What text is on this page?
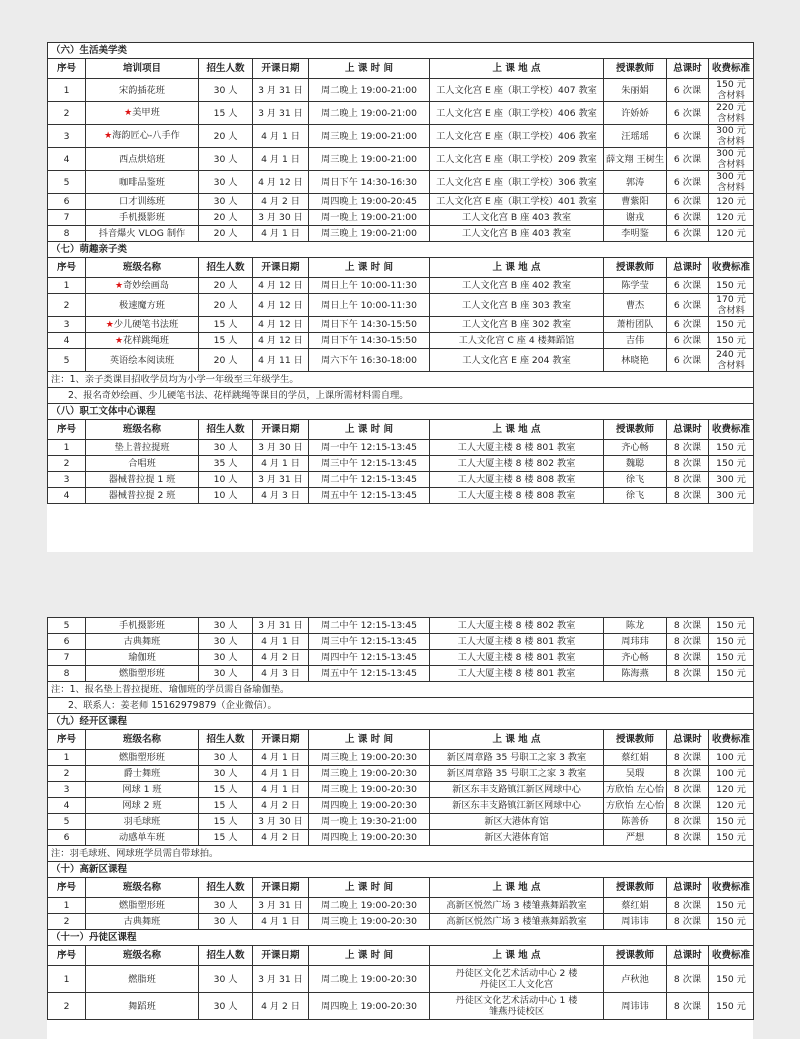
（六）生活美学类								
序号	培训项目	招生人数	开课日期	上 课 时 间	上 课 地 点	授课教师	总课时	收费标准
1	宋韵插花班	30 人	3 月 31 日	周二晚上 19:00-21:00	工人文化宫 E 座（职工学校）407 教室	朱丽娟	6 次课	150 元
含材料

2	★美甲班	15 人	3 月 31 日	周二晚上 19:00-21:00	工人文化宫 E 座（职工学校）406 教室	许娇娇	6 次课	220 元
含材料

3	★海韵匠心-八手作	20 人	4 月 1 日	周三晚上 19:00-21:00	工人文化宫 E 座（职工学校）406 教室	汪瑶瑶	6 次课	300 元
含材料

4	西点烘焙班	30 人	4 月 1 日	周三晚上 19:00-21:00	工人文化宫 E 座（职工学校）209 教室	薛文翔 王树生	6 次课	300 元
含材料

5	咖啡品鉴班	30 人	4 月 12 日	周日下午 14:30-16:30	工人文化宫 E 座（职工学校）306 教室	郭涛	6 次课	300 元
含材料

6	口才训练班	30 人	4 月 2 日	周四晚上 19:00-20:45	工人文化宫 E 座（职工学校）401 教室	曹紫阳	6 次课	120 元

7	手机摄影班	20 人	3 月 30 日	周一晚上 19:00-21:00	工人文化宫 B 座 403 教室	谢戎	6 次课	120 元

8	抖音爆火 VLOG 制作	20 人	4 月 1 日	周三晚上 19:00-21:00	工人文化宫 B 座 403 教室	李明鉴	6 次课	120 元

（七）萌趣亲子类								
序号	班级名称	招生人数	开课日期	上 课 时 间	上 课 地 点	授课教师	总课时	收费标准
1	★奇妙绘画岛	20 人	4 月 12 日	周日上午 10:00-11:30	工人文化宫 B 座 402 教室	陈学莹	6 次课	150 元

2	极速魔方班	20 人	4 月 12 日	周日上午 10:00-11:30	工人文化宫 B 座 303 教室	曹杰	6 次课	170 元
含材料

3	★少儿硬笔书法班	15 人	4 月 12 日	周日下午 14:30-15:50	工人文化宫 B 座 302 教室	萧桁团队	6 次课	150 元

4	★花样跳绳班	15 人	4 月 12 日	周日下午 14:30-15:50	工人文化宫 C 座 4 楼舞蹈馆	吉伟	6 次课	150 元

5	英语绘本阅读班	20 人	4 月 11 日	周六下午 16:30-18:00	工人文化宫 E 座 204 教室	林晓艳	6 次课	240 元
含材料

注：1、亲子类课目招收学员均为小学一年级至三年级学生。								
2、报名奇妙绘画、少儿硬笔书法、花样跳绳等课目的学员，上课所需材料需自理。								
（八）职工文体中心课程								
序号	班级名称	招生人数	开课日期	上 课 时 间	上 课 地 点	授课教师	总课时	收费标准
1	垫上普拉提班	30 人	3 月 30 日	周一中午 12:15-13:45	工人大厦主楼 8 楼 801 教室	齐心畅	8 次课	150 元

2	合唱班	35 人	4 月 1 日	周三中午 12:15-13:45	工人大厦主楼 8 楼 802 教室	魏聪	8 次课	150 元

3	器械普拉提 1 班	10 人	3 月 31 日	周二中午 12:15-13:45	工人大厦主楼 8 楼 808 教室	徐飞	8 次课	300 元

4	器械普拉提 2 班	10 人	4 月 3 日	周五中午 12:15-13:45	工人大厦主楼 8 楼 808 教室	徐飞	8 次课	300 元
5	手机摄影班	30 人	3 月 31 日	周二中午 12:15-13:45	工人大厦主楼 8 楼 802 教室	陈龙	8 次课	150 元

6	古典舞班	30 人	4 月 1 日	周三中午 12:15-13:45	工人大厦主楼 8 楼 801 教室	周玮玮	8 次课	150 元

7	瑜伽班	30 人	4 月 2 日	周四中午 12:15-13:45	工人大厦主楼 8 楼 801 教室	齐心畅	8 次课	150 元

8	燃脂塑形班	30 人	4 月 3 日	周五中午 12:15-13:45	工人大厦主楼 8 楼 801 教室	陈海燕	8 次课	150 元

注：1、报名垫上普拉提班、瑜伽班的学员需自备瑜伽垫。								
2、联系人：姜老师 15162979879（企业微信）。								
（九）经开区课程								
序号	班级名称	招生人数	开课日期	上 课 时 间	上 课 地 点	授课教师	总课时	收费标准
1	燃脂塑形班	30 人	4 月 1 日	周三晚上 19:00-20:30	新区周章路 35 号职工之家 3 教室	蔡红娟	8 次课	100 元

2	爵士舞班	30 人	4 月 1 日	周三晚上 19:00-20:30	新区周章路 35 号职工之家 3 教室	吴瑕	8 次课	100 元

3	网球 1 班	15 人	4 月 1 日	周三晚上 19:00-20:30	新区东丰支路镇江新区网球中心	方欣怡 左心怡	8 次课	120 元

4	网球 2 班	15 人	4 月 2 日	周四晚上 19:00-20:30	新区东丰支路镇江新区网球中心	方欣怡 左心怡	8 次课	120 元

5	羽毛球班	15 人	3 月 30 日	周一晚上 19:30-21:00	新区大港体育馆	陈善侨	8 次课	150 元

6	动感单车班	15 人	4 月 2 日	周四晚上 19:00-20:30	新区大港体育馆	严想	8 次课	150 元

注：羽毛球班、网球班学员需自带球拍。								
（十）高新区课程								
序号	班级名称	招生人数	开课日期	上 课 时 间	上 课 地 点	授课教师	总课时	收费标准
1	燃脂塑形班	30 人	3 月 31 日	周二晚上 19:00-20:30	高新区悦然广场 3 楼雏燕舞蹈教室	蔡红娟	8 次课	150 元

2	古典舞班	30 人	4 月 1 日	周三晚上 19:00-20:30	高新区悦然广场 3 楼雏燕舞蹈教室	周讳讳	8 次课	150 元

（十一）丹徒区课程								
序号	班级名称	招生人数	开课日期	上 课 时 间	上 课 地 点	授课教师	总课时	收费标准
1	燃脂班	30 人	3 月 31 日	周二晚上 19:00-20:30	丹徒区文化艺术活动中心 2 楼
丹徒区工人文化宫	卢秋池	8 次课	150 元

2	舞蹈班	30 人	4 月 2 日	周四晚上 19:00-20:30	丹徒区文化艺术活动中心 1 楼
雏燕丹徒校区	周讳讳	8 次课	150 元
